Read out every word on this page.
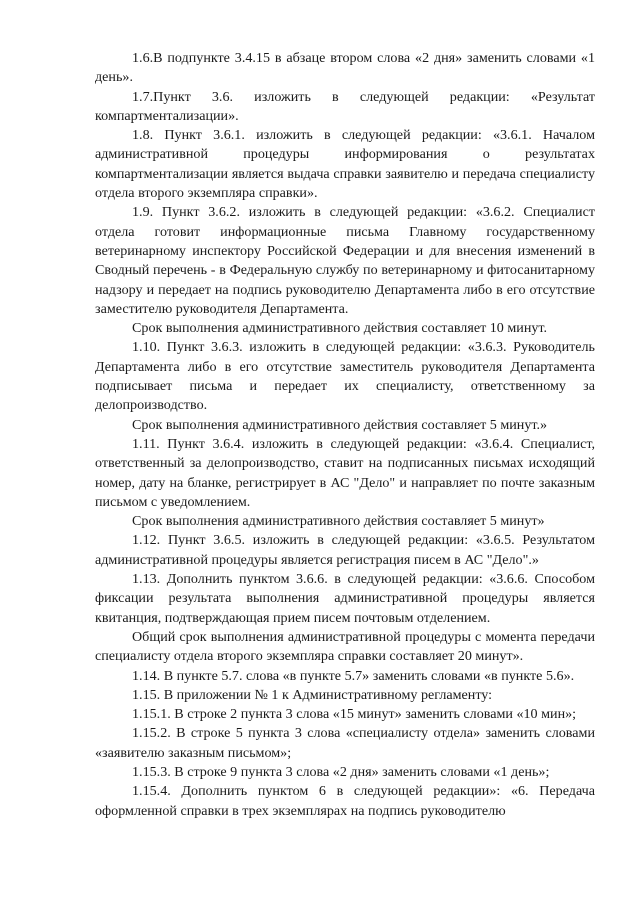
1.6.В подпункте 3.4.15 в абзаце втором слова «2 дня» заменить словами «1 день».

1.7.Пункт 3.6. изложить в следующей редакции: «Результат компартментализации».

1.8. Пункт 3.6.1. изложить в следующей редакции: «3.6.1. Началом административной процедуры информирования о результатах компартментализации является выдача справки заявителю и передача специалисту отдела второго экземпляра справки».

1.9. Пункт 3.6.2. изложить в следующей редакции: «3.6.2. Специалист отдела готовит информационные письма Главному государственному ветеринарному инспектору Российской Федерации и для внесения изменений в Сводный перечень - в Федеральную службу по ветеринарному и фитосанитарному надзору и передает на подпись руководителю Департамента либо в его отсутствие заместителю руководителя Департамента.

Срок выполнения административного действия составляет 10 минут.

1.10. Пункт 3.6.3. изложить в следующей редакции: «3.6.3. Руководитель Департамента либо в его отсутствие заместитель руководителя Департамента подписывает письма и передает их специалисту, ответственному за делопроизводство.

Срок выполнения административного действия составляет 5 минут.»

1.11. Пункт 3.6.4. изложить в следующей редакции: «3.6.4. Специалист, ответственный за делопроизводство, ставит на подписанных письмах исходящий номер, дату на бланке, регистрирует в АС "Дело" и направляет по почте заказным письмом с уведомлением.

Срок выполнения административного действия составляет 5 минут»

1.12. Пункт 3.6.5. изложить в следующей редакции: «3.6.5. Результатом административной процедуры является регистрация писем в АС "Дело".»

1.13. Дополнить пунктом 3.6.6. в следующей редакции: «3.6.6. Способом фиксации результата выполнения административной процедуры является квитанция, подтверждающая прием писем почтовым отделением.

Общий срок выполнения административной процедуры с момента передачи специалисту отдела второго экземпляра справки составляет 20 минут».

1.14. В пункте 5.7. слова «в пункте 5.7» заменить словами «в пункте 5.6».

1.15. В приложении № 1 к Административному регламенту:

1.15.1. В строке 2 пункта 3 слова «15 минут» заменить словами «10 мин»;

1.15.2. В строке 5 пункта 3 слова «специалисту отдела» заменить словами «заявителю заказным письмом»;

1.15.3. В строке 9 пункта 3 слова «2 дня» заменить словами «1 день»;

1.15.4. Дополнить пунктом 6 в следующей редакции»: «6. Передача оформленной справки в трех экземплярах на подпись руководителю
